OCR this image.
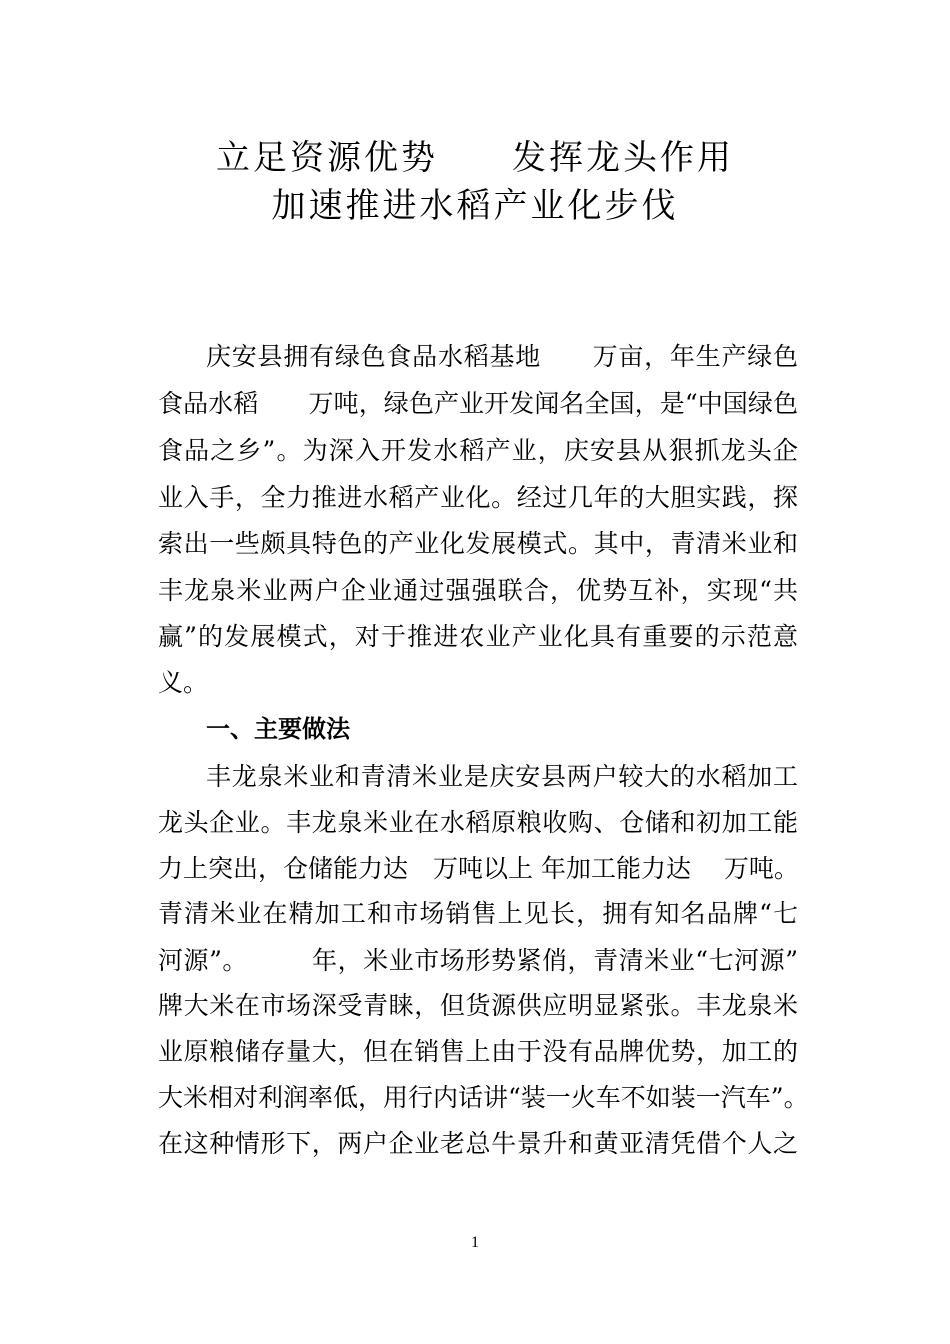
立足资源优势　　发挥龙头作用
加速推进水稻产业化步伐
庆安县拥有绿色食品水稻基地　　万亩，年生产绿色
食品水稻　　万吨，绿色产业开发闻名全国，是“中国绿色
食品之乡”。为深入开发水稻产业，庆安县从狠抓龙头企
业入手，全力推进水稻产业化。经过几年的大胆实践，探
索出一些颇具特色的产业化发展模式。其中，青清米业和
丰龙泉米业两户企业通过强强联合，优势互补，实现“共
赢”的发展模式，对于推进农业产业化具有重要的示范意
义。
一、主要做法
丰龙泉米业和青清米业是庆安县两户较大的水稻加工
龙头企业。丰龙泉米业在水稻原粮收购、仓储和初加工能
力上突出，仓储能力达　万吨以上 年加工能力达　 万吨。
青清米业在精加工和市场销售上见长，拥有知名品牌“七
河源”。　　　年，米业市场形势紧俏，青清米业“七河源”
牌大米在市场深受青睐，但货源供应明显紧张。丰龙泉米
业原粮储存量大，但在销售上由于没有品牌优势，加工的
大米相对利润率低，用行内话讲“装一火车不如装一汽车”。
在这种情形下，两户企业老总牛景升和黄亚清凭借个人之
1
